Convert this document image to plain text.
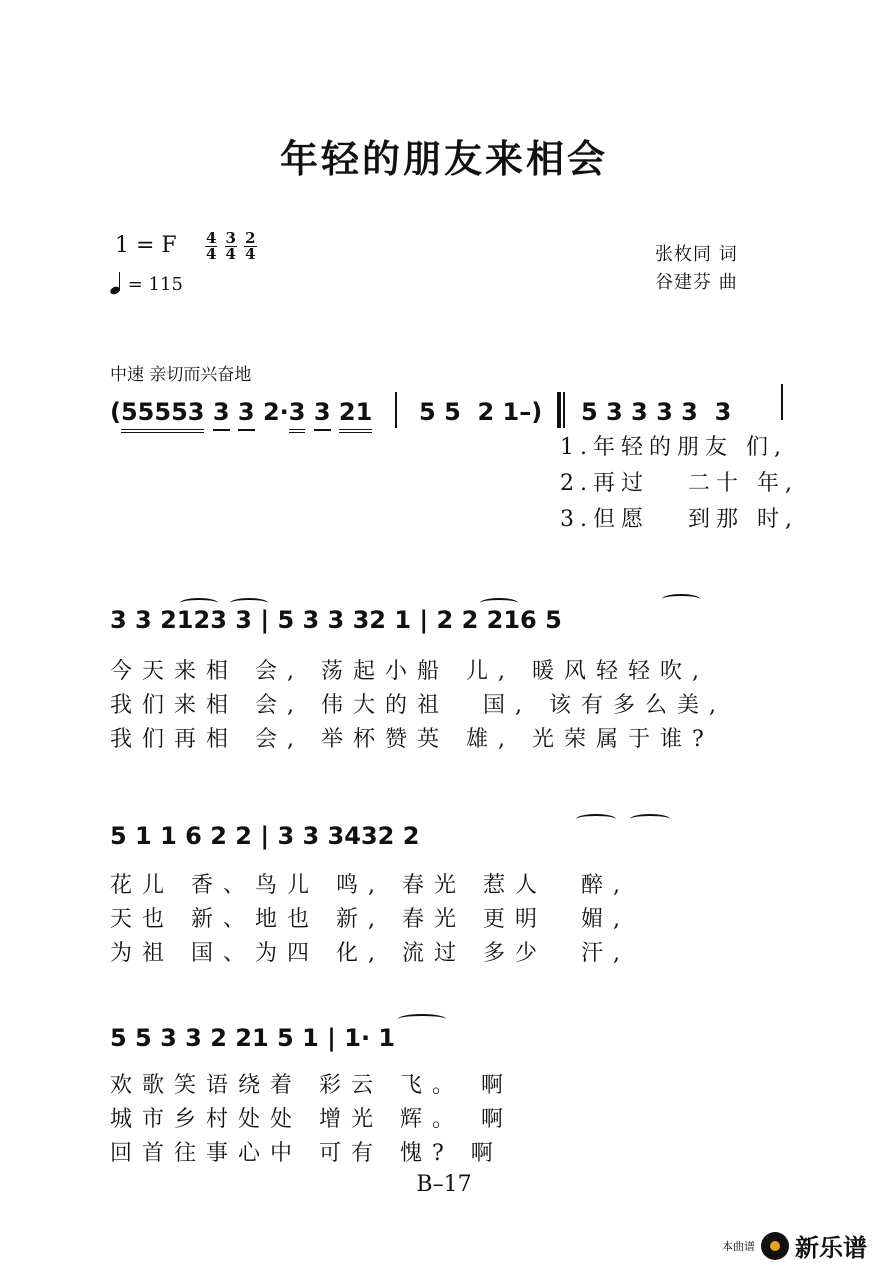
年轻的朋友来相会
1 = F $\frac{4}{4}$
$\frac{3}{4}$
$\frac{2}{4}$
= 115
张枚同 词
谷建芬 曲
中速 亲切而兴奋地
(55553 3 3 2·3 3 21 5 5  2 1–) 5 3 3 3 3  3
1.年轻的朋友 们,
2.再过   二十 年,
3.但愿   到那 时,
3 3 2123 3 | 5 3 3 32 1 | 2 2 216 5
今天来相 会, 荡起小船 儿, 暖风轻轻吹,
我们来相 会, 伟大的祖  国, 该有多么美,
我们再相 会, 举杯赞英 雄, 光荣属于谁?
5 1 1 6 2 2 | 3 3 3432 2
花儿 香、鸟儿 鸣, 春光 惹人  醉,
天也 新、地也 新, 春光 更明  媚,
为祖 国、为四 化, 流过 多少  汗,
5 5 3 3 2 21 5 1 | 1· 1
欢歌笑语绕着 彩云 飞。 啊
城市乡村处处 增光 辉。 啊
回首往事心中 可有 愧? 啊
B–17
本曲谱 新乐谱
